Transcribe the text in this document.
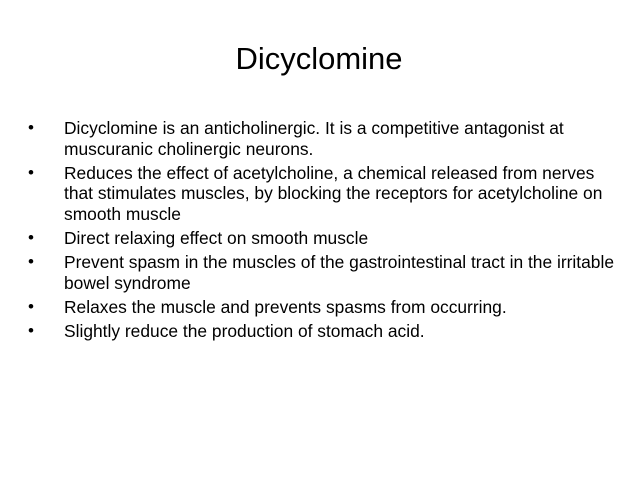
Dicyclomine
• Dicyclomine is an anticholinergic. It is a competitive antagonist at muscuranic cholinergic neurons.
• Reduces the effect of acetylcholine, a chemical released from nerves that stimulates muscles, by blocking the receptors for acetylcholine on smooth muscle
• Direct relaxing effect on smooth muscle
• Prevent spasm in the muscles of the gastrointestinal tract in the irritable bowel syndrome
• Relaxes the muscle and prevents spasms from occurring.
• Slightly reduce the production of stomach acid.
